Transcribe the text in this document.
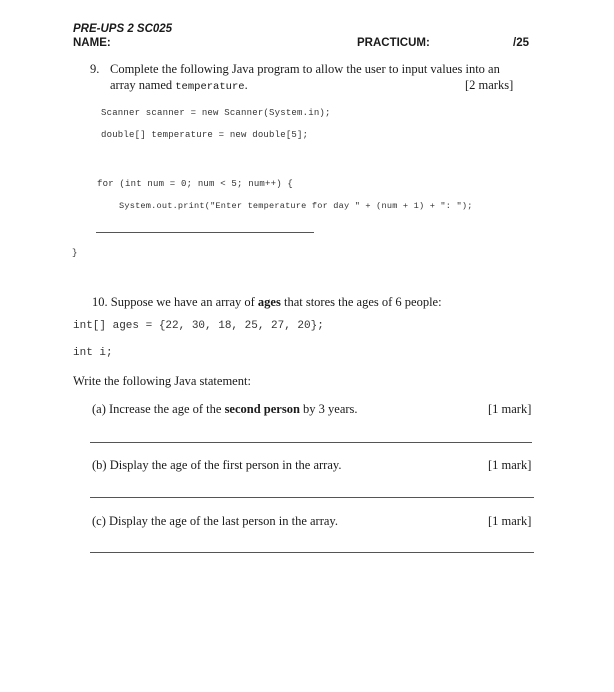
PRE-UPS 2 SC025
NAME:	PRACTICUM:	/25
9. Complete the following Java program to allow the user to input values into an
array named temperature.	[2 marks]
Scanner scanner = new Scanner(System.in);
double[] temperature = new double[5];
for (int num = 0; num < 5; num++) {
System.out.print("Enter temperature for day " + (num + 1) + ": ");
}
10. Suppose we have an array of ages that stores the ages of 6 people:
int[] ages = {22, 30, 18, 25, 27, 20};
int i;
Write the following Java statement:
(a) Increase the age of the second person by 3 years.	[1 mark]
(b) Display the age of the first person in the array.	[1 mark]
(c) Display the age of the last person in the array.	[1 mark]
